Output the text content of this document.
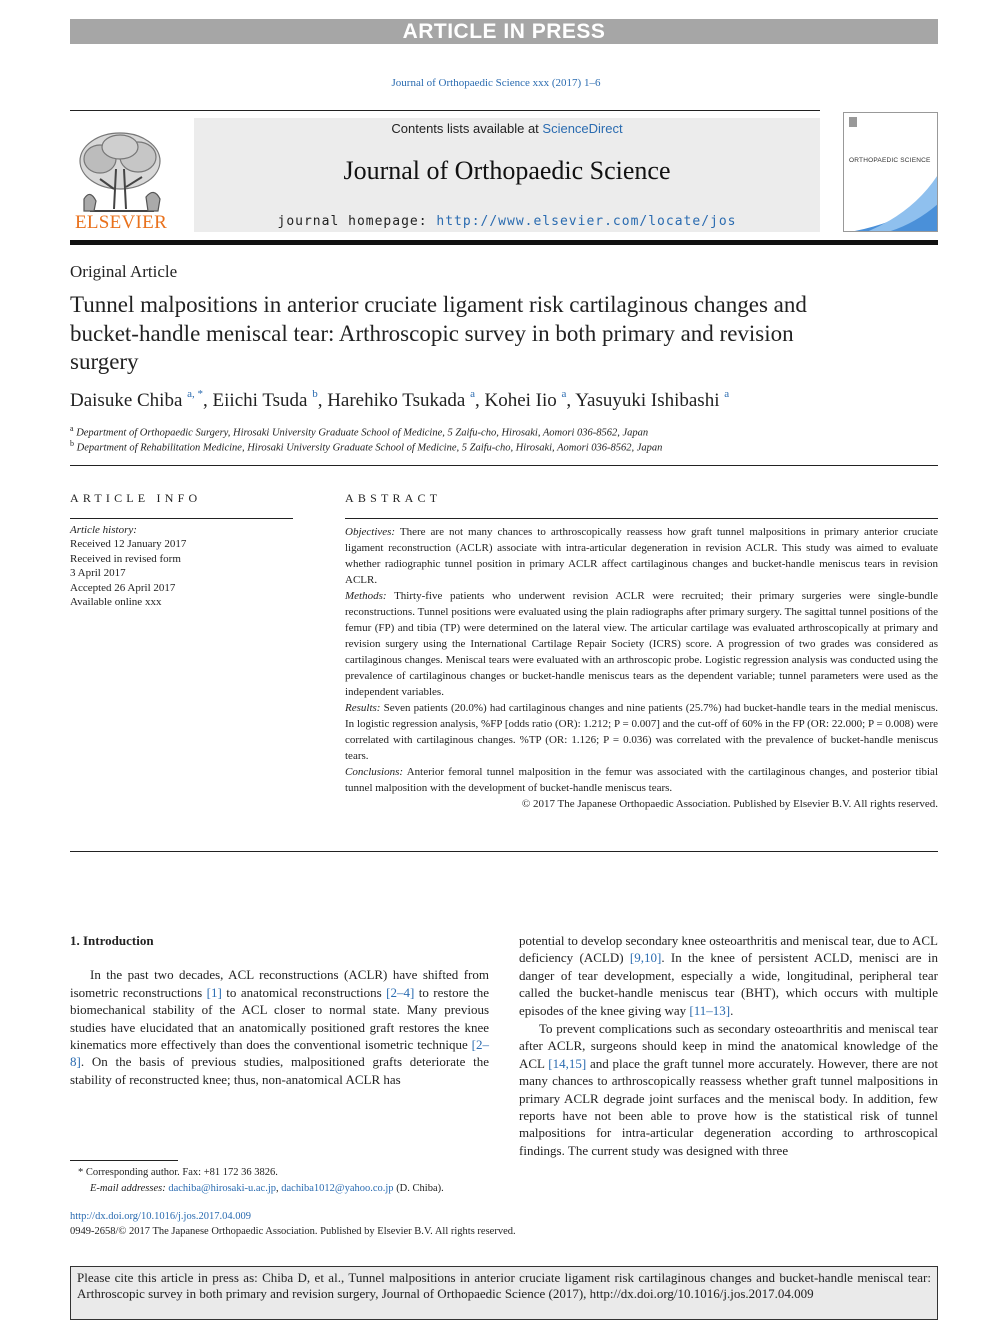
ARTICLE IN PRESS
Journal of Orthopaedic Science xxx (2017) 1–6
ELSEVIER
Contents lists available at ScienceDirect
Journal of Orthopaedic Science
journal homepage: http://www.elsevier.com/locate/jos
ORTHOPAEDIC SCIENCE
Original Article
Tunnel malpositions in anterior cruciate ligament risk cartilaginous changes and bucket-handle meniscal tear: Arthroscopic survey in both primary and revision surgery
Daisuke Chiba $^{a, *}$, Eiichi Tsuda $^b$, Harehiko Tsukada $^a$, Kohei Iio $^a$, Yasuyuki Ishibashi $^a$
$^a$ Department of Orthopaedic Surgery, Hirosaki University Graduate School of Medicine, 5 Zaifu-cho, Hirosaki, Aomori 036-8562, Japan
$^b$ Department of Rehabilitation Medicine, Hirosaki University Graduate School of Medicine, 5 Zaifu-cho, Hirosaki, Aomori 036-8562, Japan
ARTICLE INFO	ABSTRACT
Article history:
Received 12 January 2017
Received in revised form
3 April 2017
Accepted 26 April 2017
Available online xxx

Objectives: There are not many chances to arthroscopically reassess how graft tunnel malpositions in primary anterior cruciate ligament reconstruction (ACLR) associate with intra-articular degeneration in revision ACLR. This study was aimed to evaluate whether radiographic tunnel position in primary ACLR affect cartilaginous changes and bucket-handle meniscus tears in revision ACLR.

Methods: Thirty-five patients who underwent revision ACLR were recruited; their primary surgeries were single-bundle reconstructions. Tunnel positions were evaluated using the plain radiographs after primary surgery. The sagittal tunnel positions of the femur (FP) and tibia (TP) were determined on the lateral view. The articular cartilage was evaluated arthroscopically at primary and revision surgery using the International Cartilage Repair Society (ICRS) score. A progression of two grades was considered as cartilaginous changes. Meniscal tears were evaluated with an arthroscopic probe. Logistic regression analysis was conducted using the prevalence of cartilaginous changes or bucket-handle meniscus tears as the dependent variable; tunnel parameters were used as the independent variables.

Results: Seven patients (20.0%) had cartilaginous changes and nine patients (25.7%) had bucket-handle tears in the medial meniscus. In logistic regression analysis, %FP [odds ratio (OR): 1.212; P = 0.007] and the cut-off of 60% in the FP (OR: 22.000; P = 0.008) were correlated with cartilaginous changes. %TP (OR: 1.126; P = 0.036) was correlated with the prevalence of bucket-handle meniscus tears.

Conclusions: Anterior femoral tunnel malposition in the femur was associated with the cartilaginous changes, and posterior tibial tunnel malposition with the development of bucket-handle meniscus tears.

© 2017 The Japanese Orthopaedic Association. Published by Elsevier B.V. All rights reserved.

1. Introduction

In the past two decades, ACL reconstructions (ACLR) have shifted from isometric reconstructions [1] to anatomical reconstructions [2–4] to restore the biomechanical stability of the ACL closer to normal state. Many previous studies have elucidated that an anatomically positioned graft restores the knee kinematics more effectively than does the conventional isometric technique [2–8]. On the basis of previous studies, malpositioned grafts deteriorate the stability of reconstructed knee; thus, non-anatomical ACLR has

potential to develop secondary knee osteoarthritis and meniscal tear, due to ACL deficiency (ACLD) [9,10]. In the knee of persistent ACLD, menisci are in danger of tear development, especially a wide, longitudinal, peripheral tear called the bucket-handle meniscus tear (BHT), which occurs with multiple episodes of the knee giving way [11–13].

To prevent complications such as secondary osteoarthritis and meniscal tear after ACLR, surgeons should keep in mind the anatomical knowledge of the ACL [14,15] and place the graft tunnel more accurately. However, there are not many chances to arthroscopically reassess whether graft tunnel malpositions in primary ACLR degrade joint surfaces and the meniscal body. In addition, few reports have not been able to prove how is the statistical risk of tunnel malpositions for intra-articular degeneration according to arthroscopical findings. The current study was designed with three

* Corresponding author. Fax: +81 172 36 3826.
E-mail addresses: dachiba@hirosaki-u.ac.jp, dachiba1012@yahoo.co.jp (D. Chiba).
http://dx.doi.org/10.1016/j.jos.2017.04.009
0949-2658/© 2017 The Japanese Orthopaedic Association. Published by Elsevier B.V. All rights reserved.
Please cite this article in press as: Chiba D, et al., Tunnel malpositions in anterior cruciate ligament risk cartilaginous changes and bucket-handle meniscal tear: Arthroscopic survey in both primary and revision surgery, Journal of Orthopaedic Science (2017), http://dx.doi.org/10.1016/j.jos.2017.04.009
